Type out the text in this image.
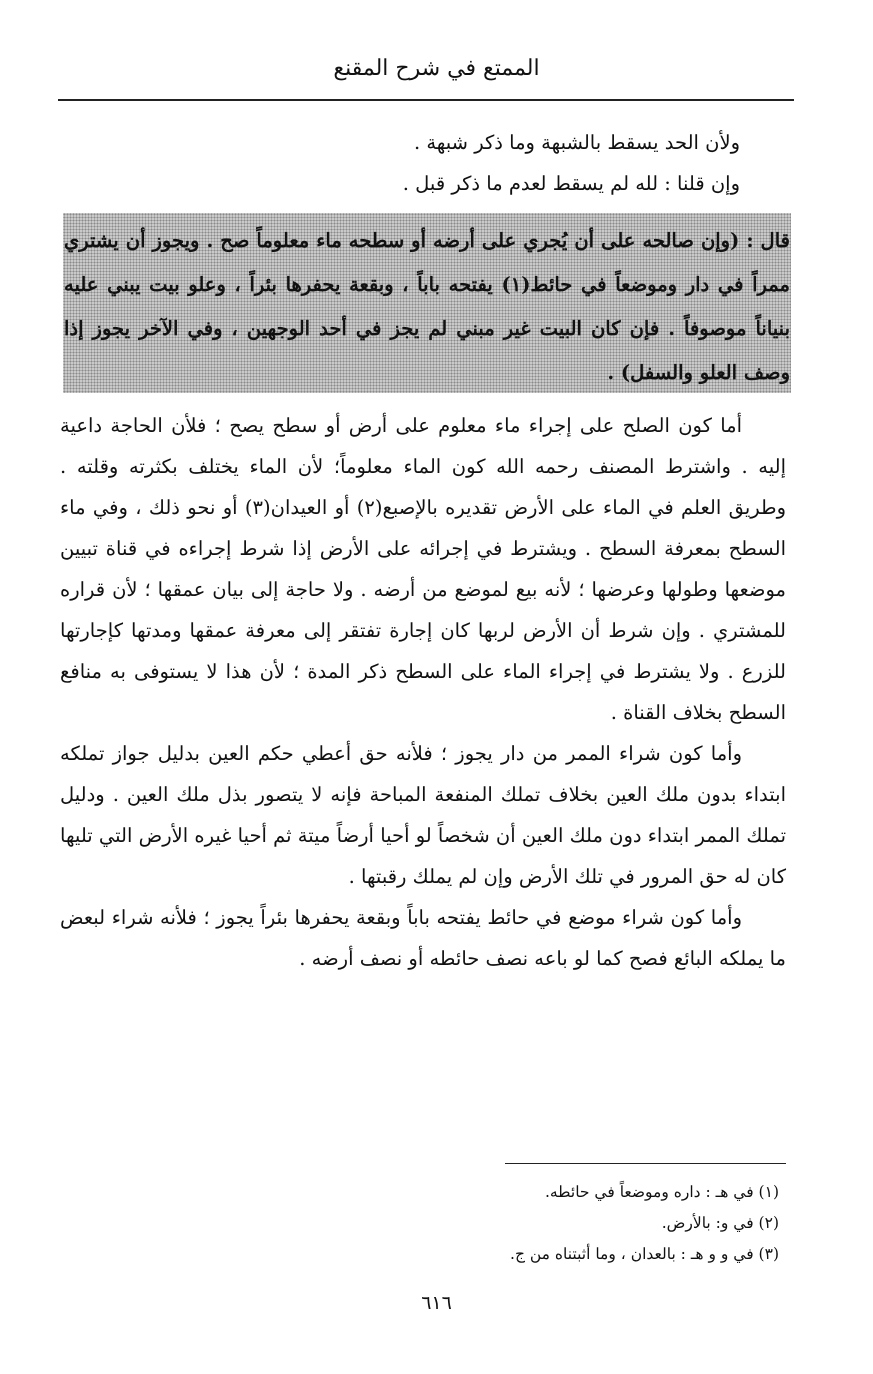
الممتع في شرح المقنع

ولأن الحد يسقط بالشبهة وما ذكر شبهة .

وإن قلنا : لله لم يسقط لعدم ما ذكر قبل .

قال : (وإن صالحه على أن يُجري على أرضه أو سطحه ماء معلوماً صح . ويجوز أن يشتري ممراً في دار وموضعاً في حائط(١) يفتحه باباً ، وبقعة يحفرها بئراً ، وعلو بيت يبني عليه بنياناً موصوفاً . فإن كان البيت غير مبني لم يجز في أحد الوجهين ، وفي الآخر يجوز إذا وصف العلو والسفل) .

أما كون الصلح على إجراء ماء معلوم على أرض أو سطح يصح ؛ فلأن الحاجة داعية إليه . واشترط المصنف رحمه الله كون الماء معلوماً؛ لأن الماء يختلف بكثرته وقلته . وطريق العلم في الماء على الأرض تقديره بالإصبع(٢) أو العيدان(٣) أو نحو ذلك ، وفي ماء السطح بمعرفة السطح . ويشترط في إجرائه على الأرض إذا شرط إجراءه في قناة تبيين موضعها وطولها وعرضها ؛ لأنه بيع لموضع من أرضه . ولا حاجة إلى بيان عمقها ؛ لأن قراره للمشتري . وإن شرط أن الأرض لربها كان إجارة تفتقر إلى معرفة عمقها ومدتها كإجارتها للزرع . ولا يشترط في إجراء الماء على السطح ذكر المدة ؛ لأن هذا لا يستوفى به منافع السطح بخلاف القناة .

وأما كون شراء الممر من دار يجوز ؛ فلأنه حق أعطي حكم العين بدليل جواز تملكه ابتداء بدون ملك العين بخلاف تملك المنفعة المباحة فإنه لا يتصور بذل ملك العين . ودليل تملك الممر ابتداء دون ملك العين أن شخصاً لو أحيا أرضاً ميتة ثم أحيا غيره الأرض التي تليها كان له حق المرور في تلك الأرض وإن لم يملك رقبتها .

وأما كون شراء موضع في حائط يفتحه باباً وبقعة يحفرها بئراً يجوز ؛ فلأنه شراء لبعض ما يملكه البائع فصح كما لو باعه نصف حائطه أو نصف أرضه .

(١) في هـ : داره وموضعاً في حائطه.
(٢) في و: بالأرض.
(٣) في و و هـ : بالعدان ، وما أثبتناه من ج.
٦١٦
